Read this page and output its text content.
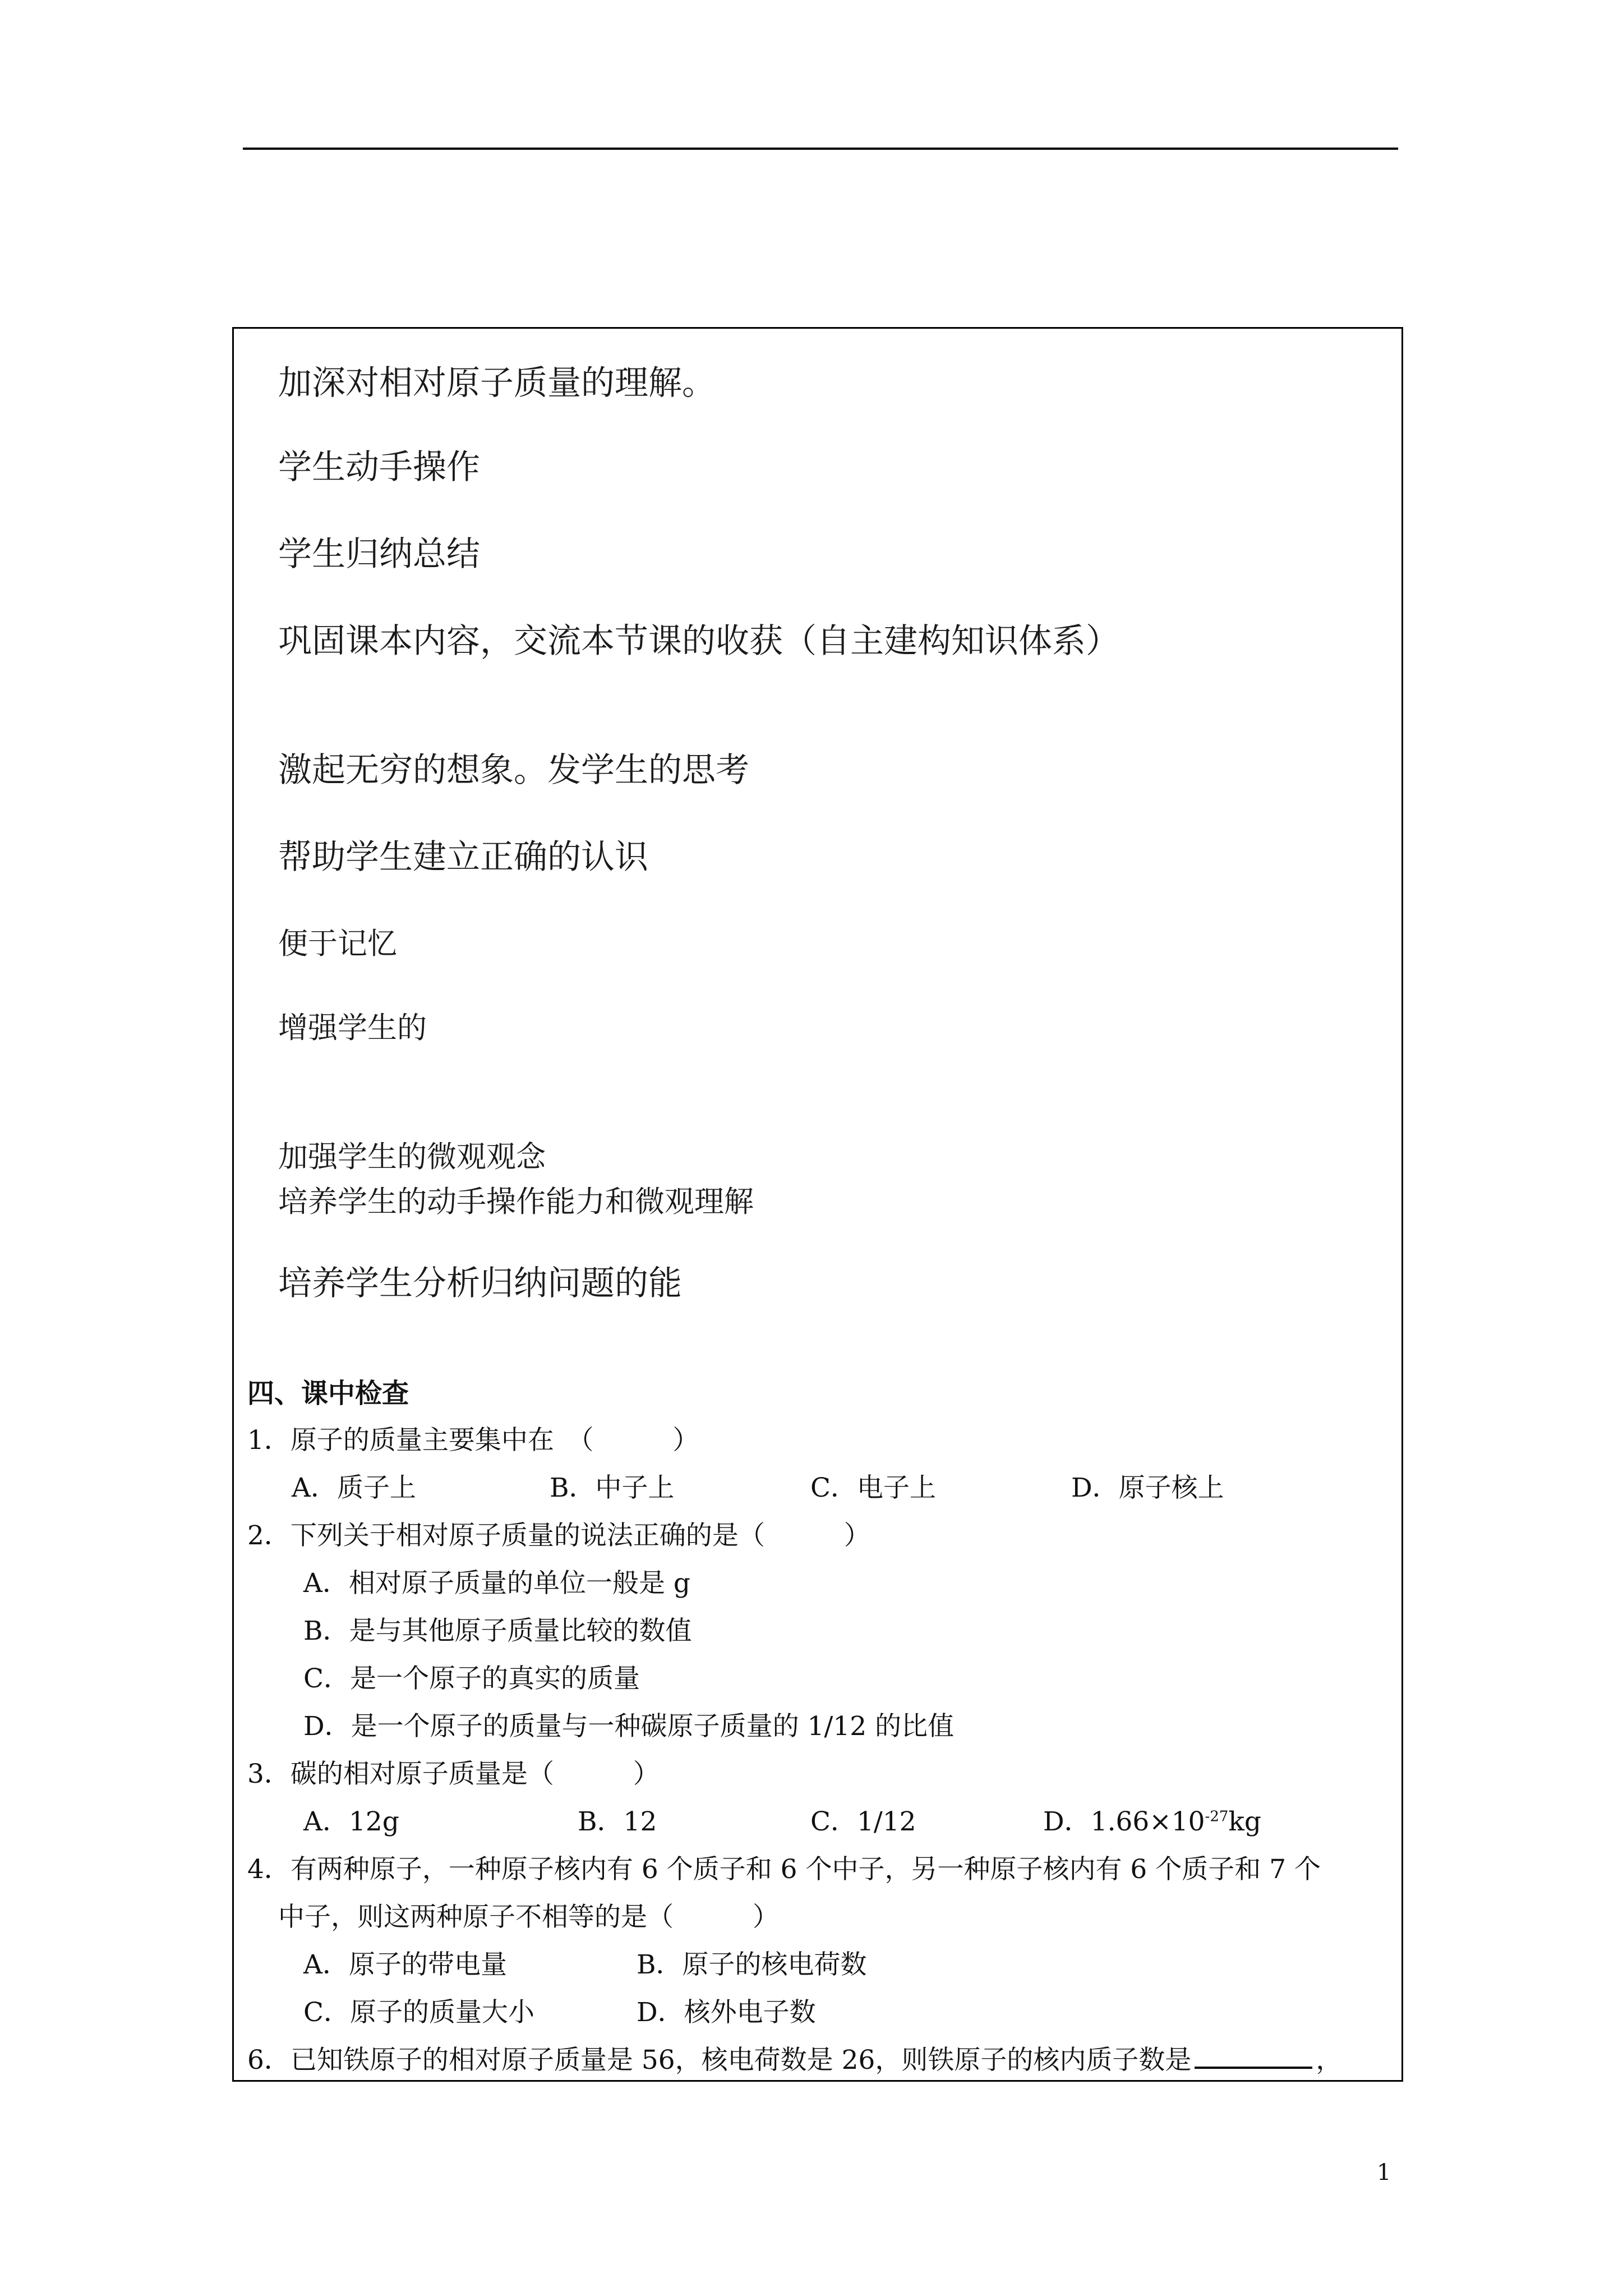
加深对相对原子质量的理解。
学生动手操作
学生归纳总结
巩固课本内容，交流本节课的收获（自主建构知识体系）
激起无穷的想象。发学生的思考
帮助学生建立正确的认识
便于记忆
增强学生的
加强学生的微观观念
培养学生的动手操作能力和微观理解
培养学生分析归纳问题的能
四、课中检查
1．原子的质量主要集中在　（　　　）
A．质子上	B．中子上	C．电子上	D．原子核上
2．下列关于相对原子质量的说法正确的是（　　　）
A．相对原子质量的单位一般是 g
B．是与其他原子质量比较的数值
C．是一个原子的真实的质量
D．是一个原子的质量与一种碳原子质量的 1/12 的比值
3．碳的相对原子质量是（　　　）
A．12g	B．12	C．1/12	D．$1.66\times 10^{-27}kg$
4．有两种原子，一种原子核内有 6 个质子和 6 个中子，另一种原子核内有 6 个质子和 7 个
中子，则这两种原子不相等的是（　　　）
A．原子的带电量	B．原子的核电荷数
C．原子的质量大小	D．核外电子数
6．已知铁原子的相对原子质量是 56，核电荷数是 26，则铁原子的核内质子数是	，
1
